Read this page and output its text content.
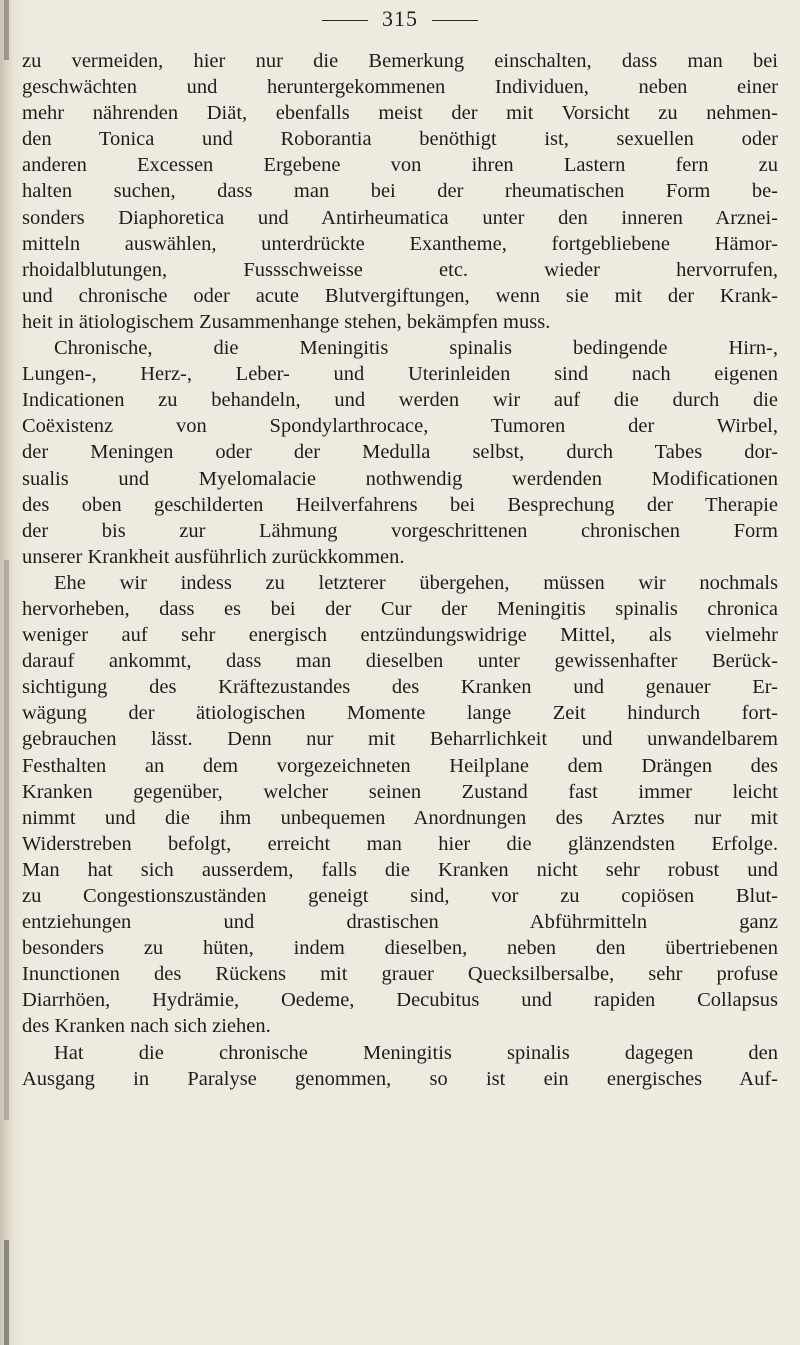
315
zu vermeiden, hier nur die Bemerkung einschalten, dass man bei
geschwächten und heruntergekommenen Individuen, neben einer
mehr nährenden Diät, ebenfalls meist der mit Vorsicht zu nehmen-
den Tonica und Roborantia benöthigt ist, sexuellen oder
anderen Excessen Ergebene von ihren Lastern fern zu
halten suchen, dass man bei der rheumatischen Form be-
sonders Diaphoretica und Antirheumatica unter den inneren Arznei-
mitteln auswählen, unterdrückte Exantheme, fortgebliebene Hämor-
rhoidalblutungen, Fussschweisse etc. wieder hervorrufen,
und chronische oder acute Blutvergiftungen, wenn sie mit der Krank-
heit in ätiologischem Zusammenhange stehen, bekämpfen muss.
Chronische, die Meningitis spinalis bedingende Hirn-,
Lungen-, Herz-, Leber- und Uterinleiden sind nach eigenen
Indicationen zu behandeln, und werden wir auf die durch die
Coëxistenz von Spondylarthrocace, Tumoren der Wirbel,
der Meningen oder der Medulla selbst, durch Tabes dor-
sualis und Myelomalacie nothwendig werdenden Modificationen
des oben geschilderten Heilverfahrens bei Besprechung der Therapie
der bis zur Lähmung vorgeschrittenen chronischen Form
unserer Krankheit ausführlich zurückkommen.
Ehe wir indess zu letzterer übergehen, müssen wir nochmals
hervorheben, dass es bei der Cur der Meningitis spinalis chronica
weniger auf sehr energisch entzündungswidrige Mittel, als vielmehr
darauf ankommt, dass man dieselben unter gewissenhafter Berück-
sichtigung des Kräftezustandes des Kranken und genauer Er-
wägung der ätiologischen Momente lange Zeit hindurch fort-
gebrauchen lässt. Denn nur mit Beharrlichkeit und unwandelbarem
Festhalten an dem vorgezeichneten Heilplane dem Drängen des
Kranken gegenüber, welcher seinen Zustand fast immer leicht
nimmt und die ihm unbequemen Anordnungen des Arztes nur mit
Widerstreben befolgt, erreicht man hier die glänzendsten Erfolge.
Man hat sich ausserdem, falls die Kranken nicht sehr robust und
zu Congestionszuständen geneigt sind, vor zu copiösen Blut-
entziehungen und drastischen Abführmitteln ganz
besonders zu hüten, indem dieselben, neben den übertriebenen
Inunctionen des Rückens mit grauer Quecksilbersalbe, sehr profuse
Diarrhöen, Hydrämie, Oedeme, Decubitus und rapiden Collapsus
des Kranken nach sich ziehen.
Hat die chronische Meningitis spinalis dagegen den
Ausgang in Paralyse genommen, so ist ein energisches Auf-
